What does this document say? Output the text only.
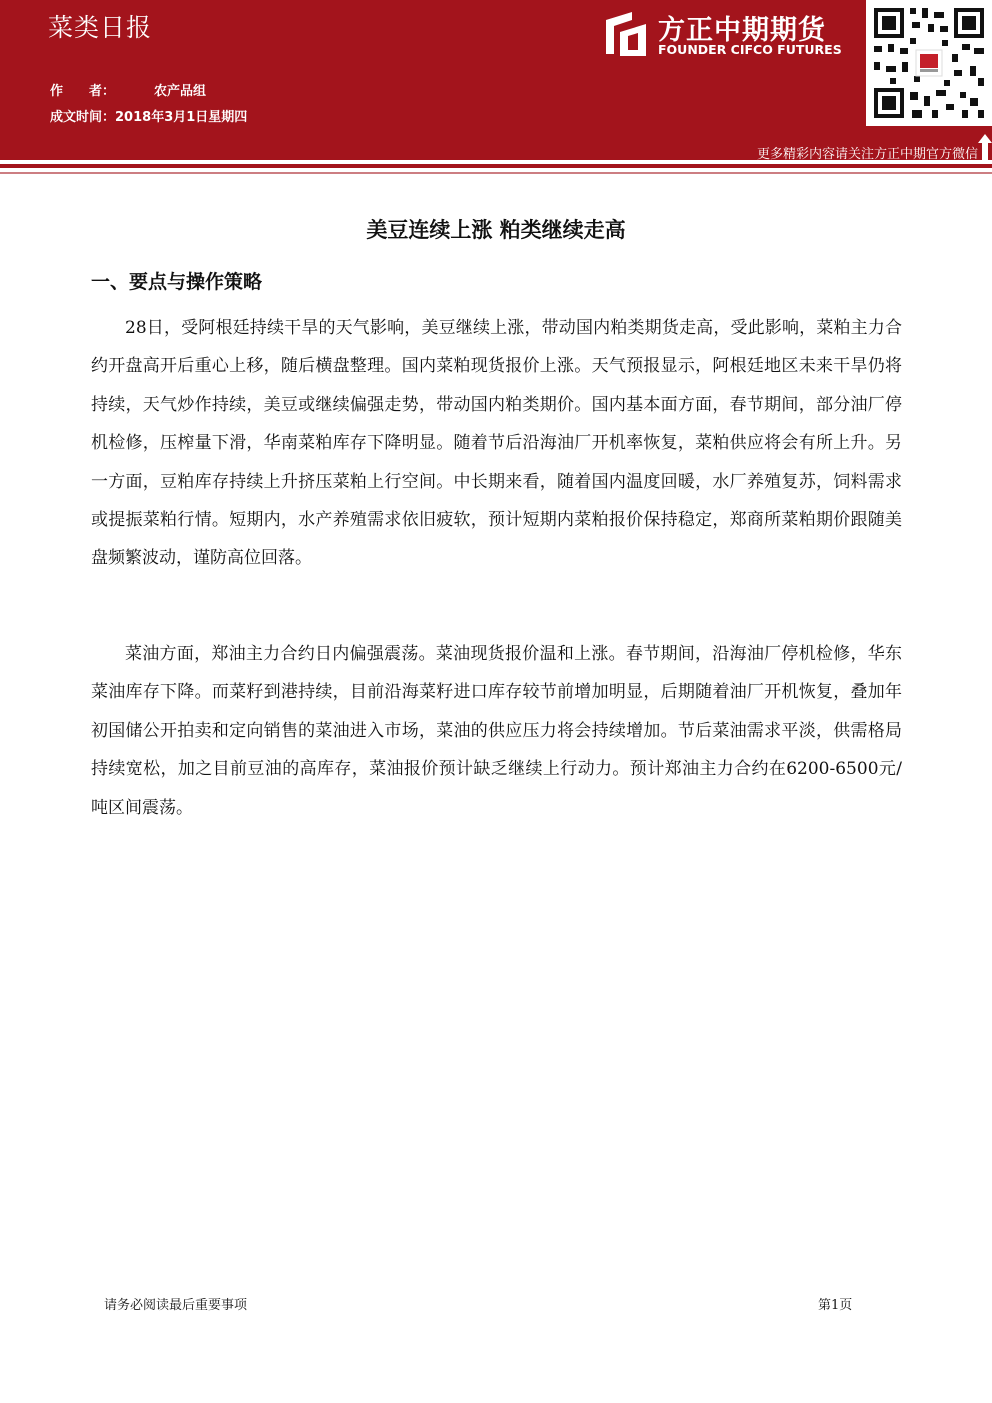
菜类日报
作　　者：	农产品组
成文时间：2018年3月1日星期四
方正中期期货
FOUNDER CIFCO FUTURES
更多精彩内容请关注方正中期官方微信
美豆连续上涨 粕类继续走高
一、要点与操作策略

28日，受阿根廷持续干旱的天气影响，美豆继续上涨，带动国内粕类期货走高，受此影响，菜粕主力合约开盘高开后重心上移，随后横盘整理。国内菜粕现货报价上涨。天气预报显示，阿根廷地区未来干旱仍将持续，天气炒作持续，美豆或继续偏强走势，带动国内粕类期价。国内基本面方面，春节期间，部分油厂停机检修，压榨量下滑，华南菜粕库存下降明显。随着节后沿海油厂开机率恢复，菜粕供应将会有所上升。另一方面，豆粕库存持续上升挤压菜粕上行空间。中长期来看，随着国内温度回暖，水厂养殖复苏，饲料需求或提振菜粕行情。短期内，水产养殖需求依旧疲软，预计短期内菜粕报价保持稳定，郑商所菜粕期价跟随美盘频繁波动，谨防高位回落。

菜油方面，郑油主力合约日内偏强震荡。菜油现货报价温和上涨。春节期间，沿海油厂停机检修，华东菜油库存下降。而菜籽到港持续，目前沿海菜籽进口库存较节前增加明显，后期随着油厂开机恢复，叠加年初国储公开拍卖和定向销售的菜油进入市场，菜油的供应压力将会持续增加。节后菜油需求平淡，供需格局持续宽松，加之目前豆油的高库存，菜油报价预计缺乏继续上行动力。预计郑油主力合约在6200-6500元/吨区间震荡。

请务必阅读最后重要事项	第1页
